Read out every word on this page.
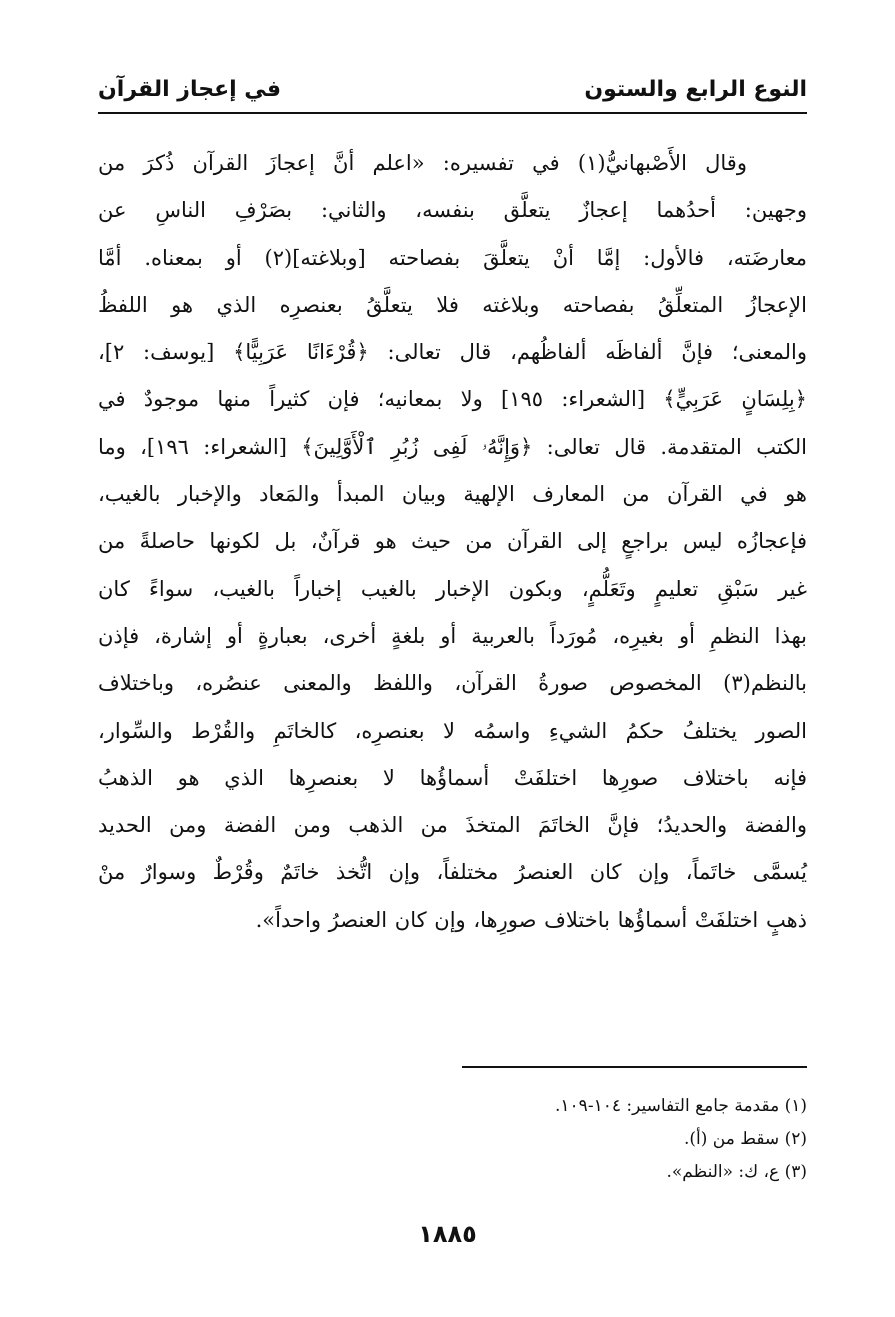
النوع الرابع والستون
في إعجاز القرآن
وقال الأَصْبهانيُّ(١) في تفسيره: «اعلم أنَّ إعجازَ القرآن ذُكرَ من
وجهين: أحدُهما إعجازٌ يتعلَّق بنفسه، والثاني: بصَرْفِ الناسِ عن
معارضَته، فالأول: إمَّا أنْ يتعلَّقَ بفصاحته [وبلاغته](٢) أو بمعناه. أمَّا
الإعجازُ المتعلِّقُ بفصاحته وبلاغته فلا يتعلَّقُ بعنصرِه الذي هو اللفظُ
والمعنى؛ فإنَّ ألفاظَه ألفاظُهم، قال تعالى: ﴿قُرْءَانًا عَرَبِيًّا﴾ [يوسف: ٢]،
﴿بِلِسَانٍ عَرَبِيٍّ﴾ [الشعراء: ١٩٥] ولا بمعانيه؛ فإن كثيراً منها موجودٌ في
الكتب المتقدمة. قال تعالى: ﴿وَإِنَّهُۥ لَفِى زُبُرِ ٱلْأَوَّلِينَ﴾ [الشعراء: ١٩٦]، وما
هو في القرآن من المعارف الإلهية وبيان المبدأ والمَعاد والإخبار بالغيب،
فإعجازُه ليس براجعٍ إلى القرآن من حيث هو قرآنٌ، بل لكونها حاصلةً من
غير سَبْقِ تعليمٍ وتَعَلُّمٍ، وبكون الإخبار بالغيب إخباراً بالغيب، سواءً كان
بهذا النظمِ أو بغيرِه، مُورَداً بالعربية أو بلغةٍ أخرى، بعبارةٍ أو إشارة، فإذن
بالنظم(٣) المخصوص صورةُ القرآن، واللفظ والمعنى عنصُره، وباختلاف
الصور يختلفُ حكمُ الشيءِ واسمُه لا بعنصرِه، كالخاتَمِ والقُرْط والسِّوار،
فإنه باختلاف صورِها اختلفَتْ أسماؤُها لا بعنصرِها الذي هو الذهبُ
والفضة والحديدُ؛ فإنَّ الخاتَمَ المتخذَ من الذهب ومن الفضة ومن الحديد
يُسمَّى خاتَماً، وإن كان العنصرُ مختلفاً، وإن اتُّخذ خاتَمٌ وقُرْطٌ وسوارٌ منْ
ذهبٍ اختلفَتْ أسماؤُها باختلاف صورِها، وإن كان العنصرُ واحداً».
(١) مقدمة جامع التفاسير: ١٠٤-١٠٩.
(٢) سقط من (أ).
(٣) ع، ك: «النظم».
١٨٨٥
